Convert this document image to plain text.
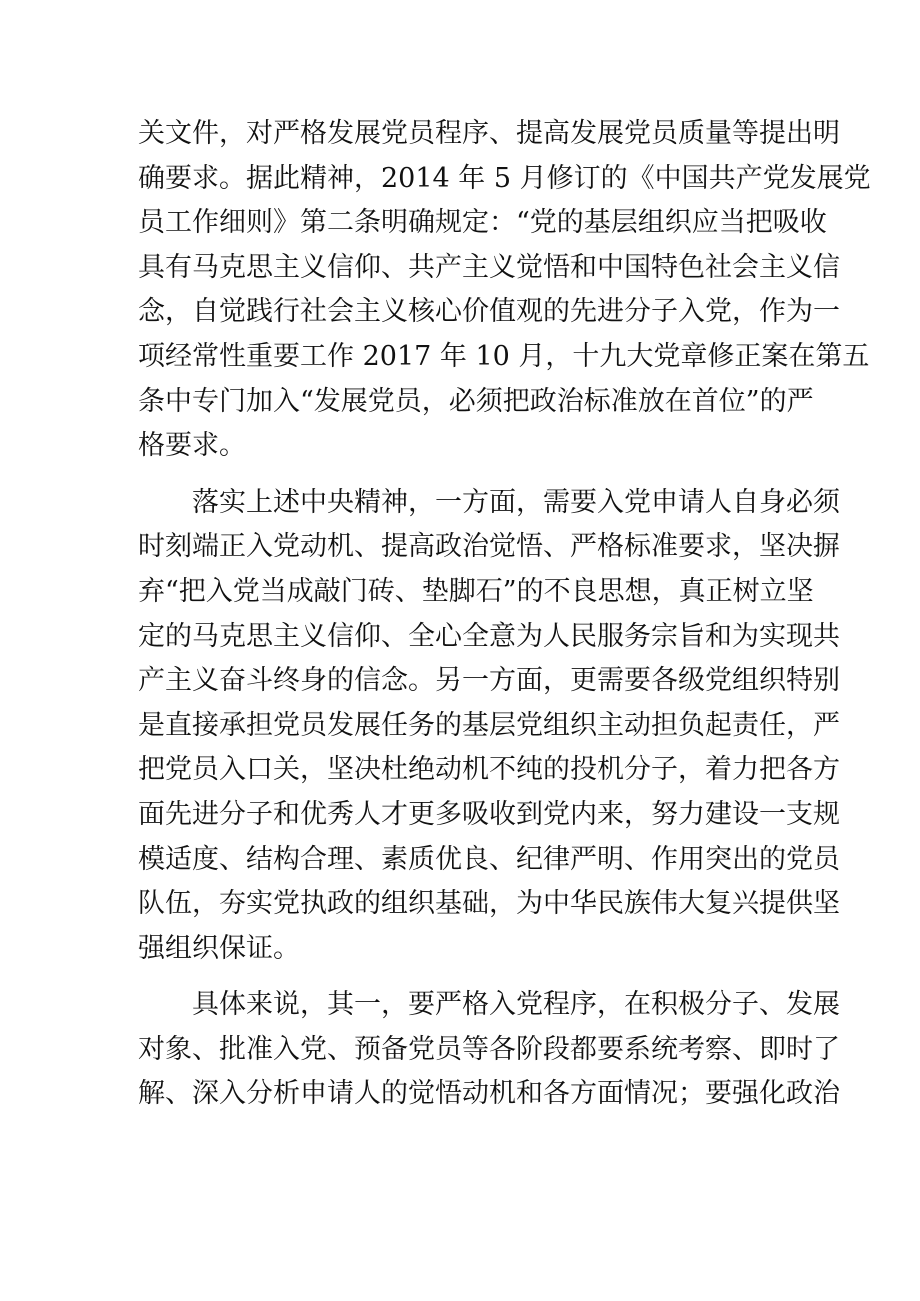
关文件，对严格发展党员程序、提高发展党员质量等提出明
确要求。据此精神，2014 年 5 月修订的《中国共产党发展党
员工作细则》第二条明确规定：“党的基层组织应当把吸收
具有马克思主义信仰、共产主义觉悟和中国特色社会主义信
念，自觉践行社会主义核心价值观的先进分子入党，作为一
项经常性重要工作 2017 年 10 月，十九大党章修正案在第五
条中专门加入“发展党员，必须把政治标准放在首位”的严
格要求。
　　落实上述中央精神，一方面，需要入党申请人自身必须
时刻端正入党动机、提高政治觉悟、严格标准要求，坚决摒
弃“把入党当成敲门砖、垫脚石”的不良思想，真正树立坚
定的马克思主义信仰、全心全意为人民服务宗旨和为实现共
产主义奋斗终身的信念。另一方面，更需要各级党组织特别
是直接承担党员发展任务的基层党组织主动担负起责任，严
把党员入口关，坚决杜绝动机不纯的投机分子，着力把各方
面先进分子和优秀人才更多吸收到党内来，努力建设一支规
模适度、结构合理、素质优良、纪律严明、作用突出的党员
队伍，夯实党执政的组织基础，为中华民族伟大复兴提供坚
强组织保证。
　　具体来说，其一，要严格入党程序，在积极分子、发展
对象、批准入党、预备党员等各阶段都要系统考察、即时了
解、深入分析申请人的觉悟动机和各方面情况；要强化政治
